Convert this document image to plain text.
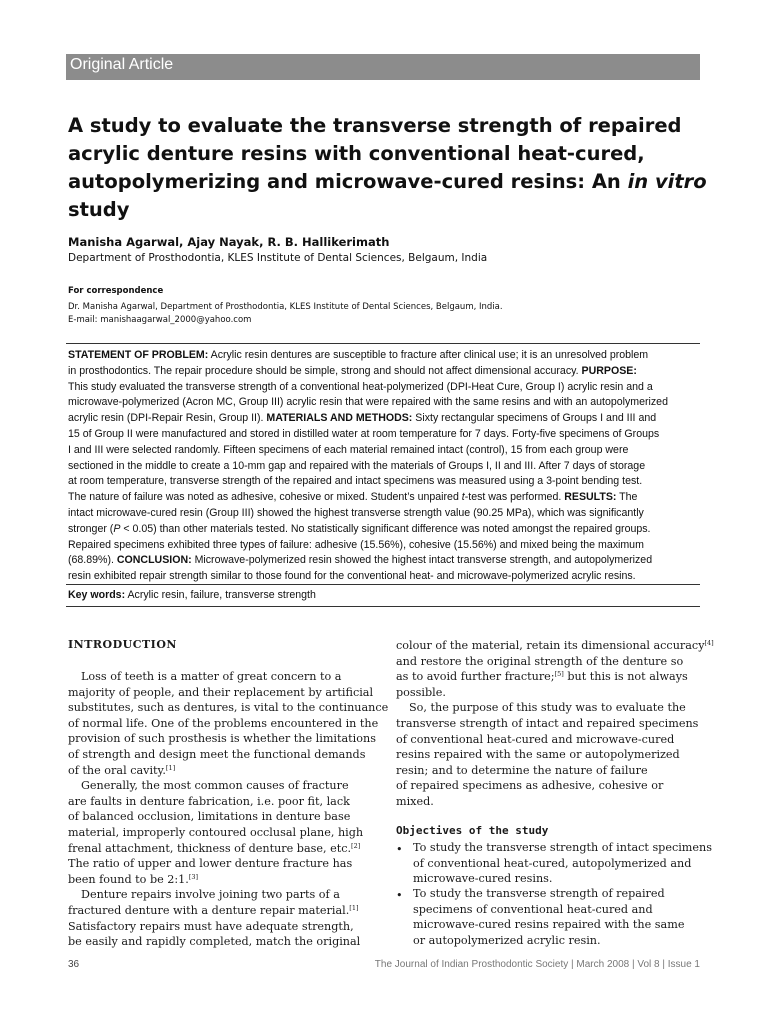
Original Article
A study to evaluate the transverse strength of repaired
acrylic denture resins with conventional heat-cured,
autopolymerizing and microwave-cured resins: An in vitro
study
Manisha Agarwal, Ajay Nayak, R. B. Hallikerimath
Department of Prosthodontia, KLES Institute of Dental Sciences, Belgaum, India
For correspondence
Dr. Manisha Agarwal, Department of Prosthodontia, KLES Institute of Dental Sciences, Belgaum, India.
E-mail: manishaagarwal_2000@yahoo.com
STATEMENT OF PROBLEM: Acrylic resin dentures are susceptible to fracture after clinical use; it is an unresolved problem
in prosthodontics. The repair procedure should be simple, strong and should not affect dimensional accuracy. PURPOSE:
This study evaluated the transverse strength of a conventional heat-polymerized (DPI-Heat Cure, Group I) acrylic resin and a
microwave-polymerized (Acron MC, Group III) acrylic resin that were repaired with the same resins and with an autopolymerized
acrylic resin (DPI-Repair Resin, Group II). MATERIALS AND METHODS: Sixty rectangular specimens of Groups I and III and
15 of Group II were manufactured and stored in distilled water at room temperature for 7 days. Forty-five specimens of Groups
I and III were selected randomly. Fifteen specimens of each material remained intact (control), 15 from each group were
sectioned in the middle to create a 10-mm gap and repaired with the materials of Groups I, II and III. After 7 days of storage
at room temperature, transverse strength of the repaired and intact specimens was measured using a 3-point bending test.
The nature of failure was noted as adhesive, cohesive or mixed. Student’s unpaired t-test was performed. RESULTS: The
intact microwave-cured resin (Group III) showed the highest transverse strength value (90.25 MPa), which was significantly
stronger (P < 0.05) than other materials tested. No statistically significant difference was noted amongst the repaired groups.
Repaired specimens exhibited three types of failure: adhesive (15.56%), cohesive (15.56%) and mixed being the maximum
(68.89%). CONCLUSION: Microwave-polymerized resin showed the highest intact transverse strength, and autopolymerized
resin exhibited repair strength similar to those found for the conventional heat- and microwave-polymerized acrylic resins.
Key words: Acrylic resin, failure, transverse strength
INTRODUCTION
Loss of teeth is a matter of great concern to a
majority of people, and their replacement by artificial
substitutes, such as dentures, is vital to the continuance
of normal life. One of the problems encountered in the
provision of such prosthesis is whether the limitations
of strength and design meet the functional demands
of the oral cavity.[1]
Generally, the most common causes of fracture
are faults in denture fabrication, i.e. poor fit, lack
of balanced occlusion, limitations in denture base
material, improperly contoured occlusal plane, high
frenal attachment, thickness of denture base, etc.[2]
The ratio of upper and lower denture fracture has
been found to be 2:1.[3]
Denture repairs involve joining two parts of a
fractured denture with a denture repair material.[1]
Satisfactory repairs must have adequate strength,
be easily and rapidly completed, match the original
colour of the material, retain its dimensional accuracy[4]
and restore the original strength of the denture so
as to avoid further fracture;[5] but this is not always
possible.
So, the purpose of this study was to evaluate the
transverse strength of intact and repaired specimens
of conventional heat-cured and microwave-cured
resins repaired with the same or autopolymerized
resin; and to determine the nature of failure
of repaired specimens as adhesive, cohesive or
mixed.
Objectives of the study
• To study the transverse strength of intact specimens
of conventional heat-cured, autopolymerized and
microwave-cured resins.
• To study the transverse strength of repaired
specimens of conventional heat-cured and
microwave-cured resins repaired with the same
or autopolymerized acrylic resin.
36	The Journal of Indian Prosthodontic Society | March 2008 | Vol 8 | Issue 1
